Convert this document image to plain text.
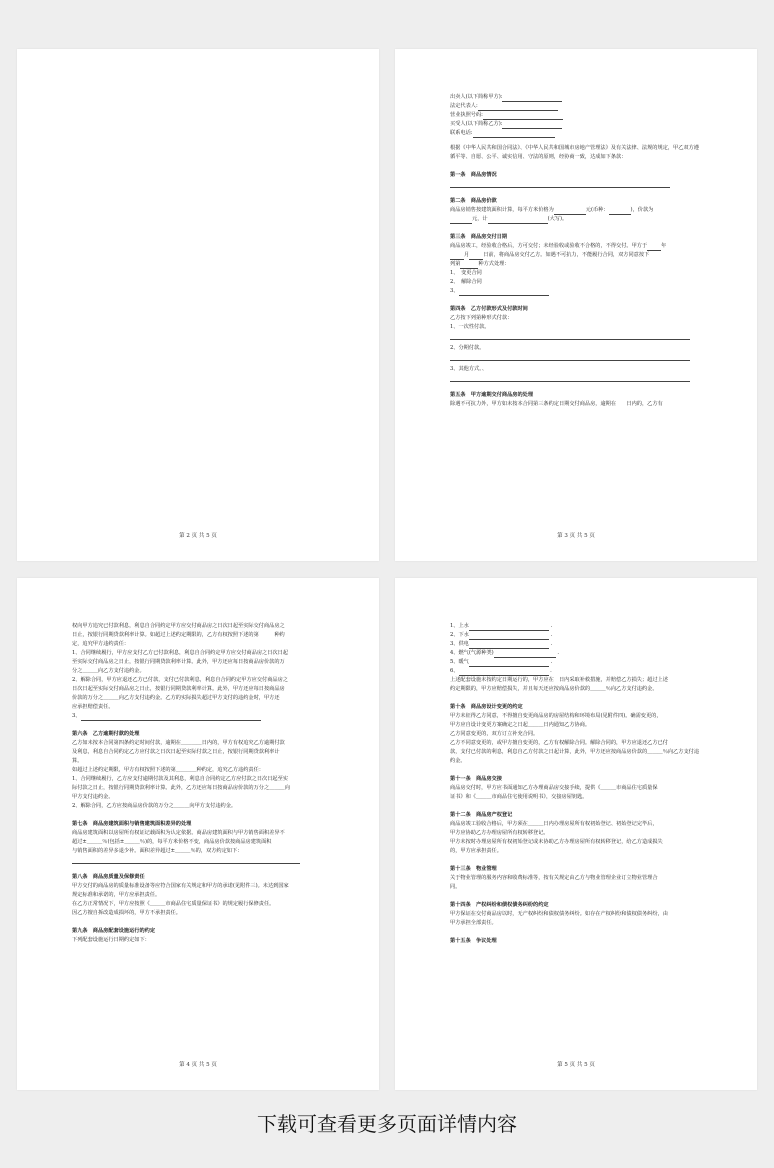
第 2 页 共 5 页

出卖人(以下简称甲方):

法定代表人:

营业执照号码:

买受人(以下简称乙方):

联系电话:

根据《中华人民共和国合同法》、《中华人民共和国城市房地产管理法》及有关法律、法规的规定，甲乙双方遵循平等、自愿、公平、诚实信用、守法的原则，经协商一致，达成如下条款：

第一条　商品房情况

第二条　商品房价款

商品房销售按建筑面积计算，每平方米价格为	元(币种：	)，价款为

元，计	(大写)。

第三条　商品房交付日期

商品房竣工，经验收合格后，方可交付；未经验收或验收不合格的，不得交付。甲方于	年

月	日前，将商品房交付乙方。如遇不可抗力，不能履行合同，双方同意按下

列第	种方式处理：

1、　变更合同

2、　解除合同

3、

第四条　乙方付款形式及付款时间

乙方按下列第种形式付款：

1、一次性付款。

2、分期付款。

3、其他方式。、

第五条　甲方逾期交付商品房的处理

除遇不可抗力外，甲方如未按本合同第三条约定日期交付商品房，逾期在　　日内的，乙方有

第 3 页 共 5 页

权向甲方追究已付款利息，利息自合同约定甲方应交付商品房之日次日起至实际交付商品房之

日止，按银行同期贷款利率计算。如超过上述约定期限的，乙方有权按照下述的第　　　种约

定，追究甲方违约责任：

1、合同继续履行，甲方应支付乙方已付款利息，利息自合同约定甲方应交付商品房之日次日起

至实际交付商品房之日止，按银行同期贷款利率计算。此外，甲方还应每日按商品房价款的万

分之＿＿＿向乙方支付违约金。

2、解除合同，甲方应退还乙方已付款，支付已付款利息，利息自合同约定甲方应交付商品房之

日次日起至实际交付商品房之日止，按银行同期贷款利率计算。此外，甲方还应每日按商品房

价款的万分之＿＿＿向乙方支付违约金。乙方的实际损失超过甲方支付的违约金时，甲方还

应承担赔偿责任。

3、

第六条　乙方逾期付款的处理

乙方如未按本合同第四条约定时间付款，逾期在＿＿＿＿日内的，甲方有权追究乙方逾期付款

及利息，利息自合同约定乙方应付款之日次日起至实际付款之日止，按银行同期贷款利率计

算。

如超过上述约定期限，甲方有权按照下述的第＿＿＿＿种约定，追究乙方违约责任：

1、合同继续履行，乙方应支付逾期付款及其利息，利息自合同约定乙方应付款之日次日起至实

际付款之日止，按银行同期贷款利率计算。此外，乙方还应每日按商品房价款的万分之＿＿＿向

甲方支付违约金。

2、解除合同，乙方应按商品房价款的万分之＿＿＿向甲方支付违约金。

第七条　商品房建筑面积与销售建筑面积差异的处理

商品房建筑面积以房屋所有权证记载面积为认定依据。商品房建筑面积与甲方销售面积差异不

超过±＿＿＿％(包括±＿＿＿％)的，每平方米价格不变，商品房价款按商品房建筑面积

与销售面积的差异多退少补。面积差异超过±＿＿＿％的，双方约定如下：

第八条　商品房质量及保修责任

甲方交付的商品房的质量标准设备等应符合国家有关规定和甲方的承诺(见附件三)。未达到国家

规定标准和承诺的，甲方应承担责任。

在乙方正常情况下，甲方应按照《＿＿＿市商品住宅质量保证书》的规定履行保修责任。

因乙方擅自拆改造成损坏的，甲方不承担责任。

第九条　商品房配套设施运行的约定

下列配套设施运行日期约定如下：

第 4 页 共 5 页

1、上水	.

2、下水	.

3、供电	.

4、燃气(气源种类)	.

5、暖气	.

6、	.

上述配套设施未按约定日期运行的，甲方应在　日内采取补救措施，并赔偿乙方损失；超过上述

约定期限的，甲方应赔偿损失，并且每天还应按商品房价款的＿＿＿％向乙方支付违约金。

第十条　商品房设计变更的约定

甲方未征得乙方同意，不得擅自变更商品房的房屋结构和环境布局(见附件四)。确需变更的，

甲方应自设计变更方案确定之日起＿＿＿日内通知乙方协商。

乙方同意变更的，双方订立补充合同。

乙方不同意变更的，或甲方擅自变更的，乙方有权解除合同。解除合同的，甲方应退还乙方已付

款，支付已付款的利息，利息自乙方付款之日起计算，此外，甲方还应按商品房价款的＿＿＿％向乙方支付违

约金。

第十一条　商品房交接

商品房交付时，甲方应书面通知乙方办理商品房交接手续，提供《＿＿＿市商品住宅质量保

证书》和《＿＿＿市商品住宅使用说明书》，交接房屋钥匙。

第十二条　商品房产权登记

商品房竣工验收合格后，甲方须在＿＿＿日内办理房屋所有权初始登记、初始登记完毕后，

甲方应协助乙方办理房屋所有权转移登记。

甲方未按时办理房屋所有权初始登记或未协助乙方办理房屋所有权转移登记，给乙方造成损失

的，甲方应承担责任。

第十三条　物业管理

关于物业管理的服务内容和收费标准等，按有关规定由乙方与物业管理企业订立物业管理合

同。

第十四条　产权纠纷和债权债务纠纷的约定

甲方保证在交付商品房以时，无产权纠纷和债权债务纠纷。如存在产权纠纷和债权债务纠纷，由

甲方承担全部责任。

第十五条　争议处理

第 5 页 共 5 页
下载可查看更多页面详情内容
